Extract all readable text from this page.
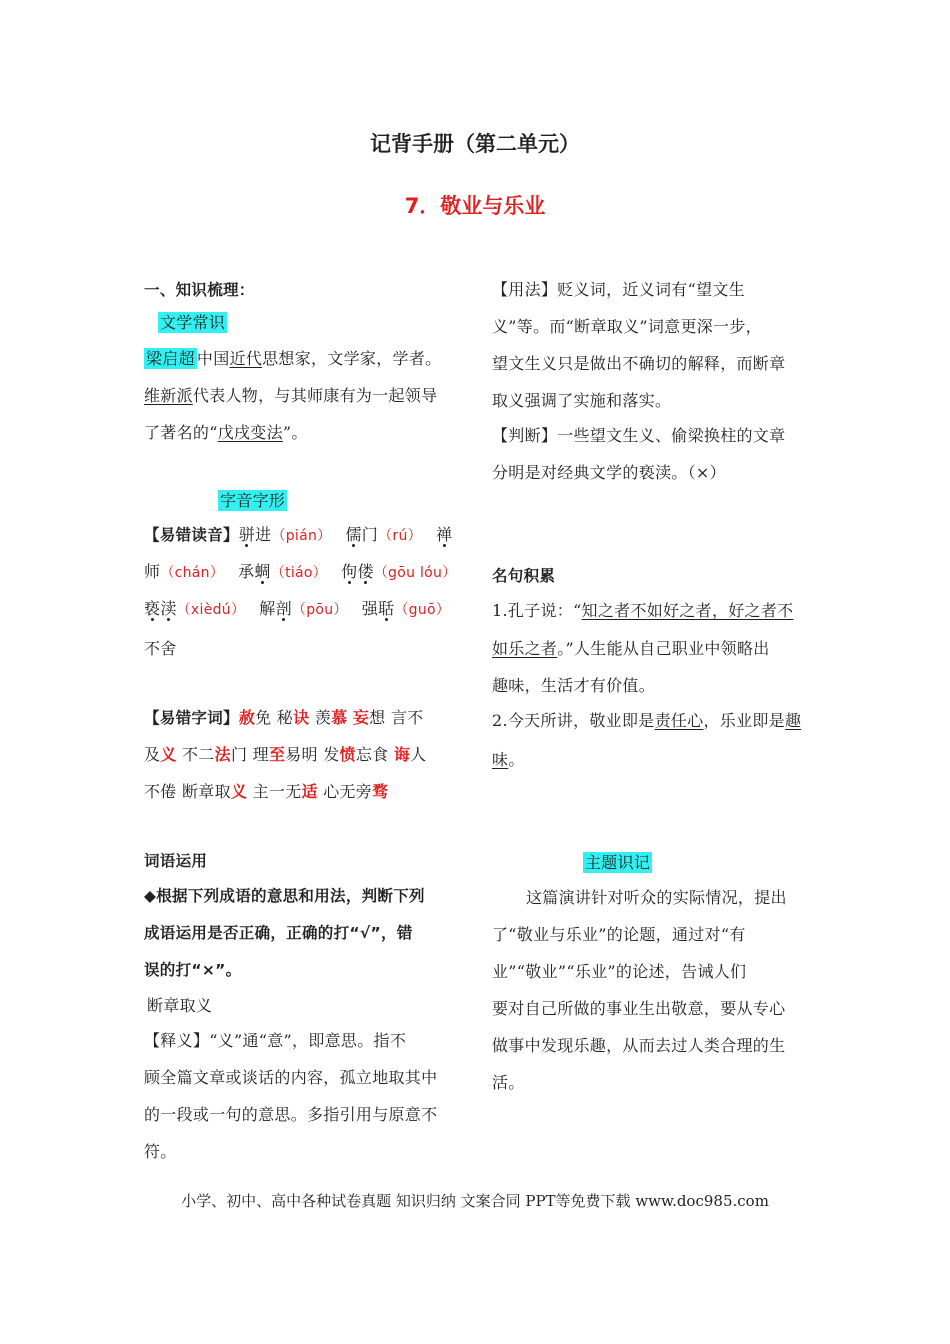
记背手册（第二单元）
7．敬业与乐业
一、知识梳理：
文学常识
梁启超 中国近代思想家，文学家，学者。
维新派代表人物，与其师康有为一起领导
了著名的“戊戌变法”。
字音字形
【易错读音】骈进（pián） 儒门（rú） 禅
师（chán） 承蜩（tiáo） 佝偻（gōu lóu）
亵渎（xièdú） 解剖（pōu） 强聒（guō）
不舍
【易错字词】赦免 秘诀 羡慕 妄想 言不
及义 不二法门 理至易明 发愤忘食 诲人
不倦 断章取义 主一无适 心无旁骛
词语运用
◆根据下列成语的意思和用法，判断下列
成语运用是否正确，正确的打“√”，错
误的打“×”。
断章取义
【释义】“义”通“意”，即意思。指不
顾全篇文章或谈话的内容，孤立地取其中
的一段或一句的意思。多指引用与原意不
符。
【用法】贬义词，近义词有“望文生
义”等。而“断章取义”词意更深一步，
望文生义只是做出不确切的解释，而断章
取义强调了实施和落实。
【判断】一些望文生义、偷梁换柱的文章
分明是对经典文学的亵渎。（×）
名句积累
1.孔子说：“知之者不如好之者，好之者不
如乐之者。”人生能从自己职业中领略出
趣味，生活才有价值。
2.今天所讲，敬业即是责任心，乐业即是趣
味。
主题识记
这篇演讲针对听众的实际情况，提出
了“敬业与乐业”的论题，通过对“有
业”“敬业”“乐业”的论述，告诫人们
要对自己所做的事业生出敬意，要从专心
做事中发现乐趣，从而去过人类合理的生
活。
小学、初中、高中各种试卷真题 知识归纳 文案合同 PPT等免费下载 www.doc985.com
